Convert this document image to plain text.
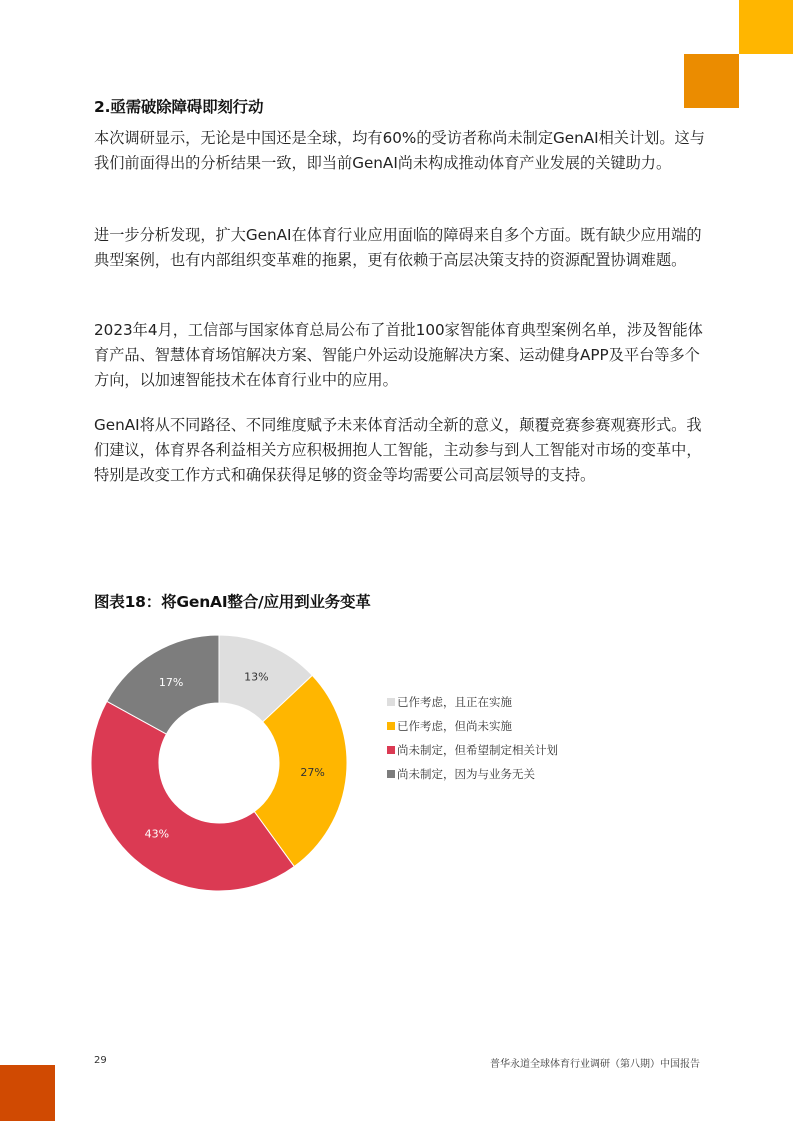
2.亟需破除障碍即刻行动

本次调研显示，无论是中国还是全球，均有60%的受访者称尚未制定GenAI相关计划。这与我们前面得出的分析结果一致，即当前GenAI尚未构成推动体育产业发展的关键助力。

进一步分析发现，扩大GenAI在体育行业应用面临的障碍来自多个方面。既有缺少应用端的典型案例，也有内部组织变革难的拖累，更有依赖于高层决策支持的资源配置协调难题。

2023年4月，工信部与国家体育总局公布了首批100家智能体育典型案例名单，涉及智能体育产品、智慧体育场馆解决方案、智能户外运动设施解决方案、运动健身APP及平台等多个方向，以加速智能技术在体育行业中的应用。

GenAI将从不同路径、不同维度赋予未来体育活动全新的意义，颠覆竞赛参赛观赛形式。我们建议，体育界各利益相关方应积极拥抱人工智能，主动参与到人工智能对市场的变革中，特别是改变工作方式和确保获得足够的资金等均需要公司高层领导的支持。

图表18：将GenAI整合/应用到业务变革
13%
27%
43%
17%
已作考虑，且正在实施
已作考虑，但尚未实施
尚未制定，但希望制定相关计划
尚未制定，因为与业务无关
29	普华永道全球体育行业调研（第八期）中国报告
